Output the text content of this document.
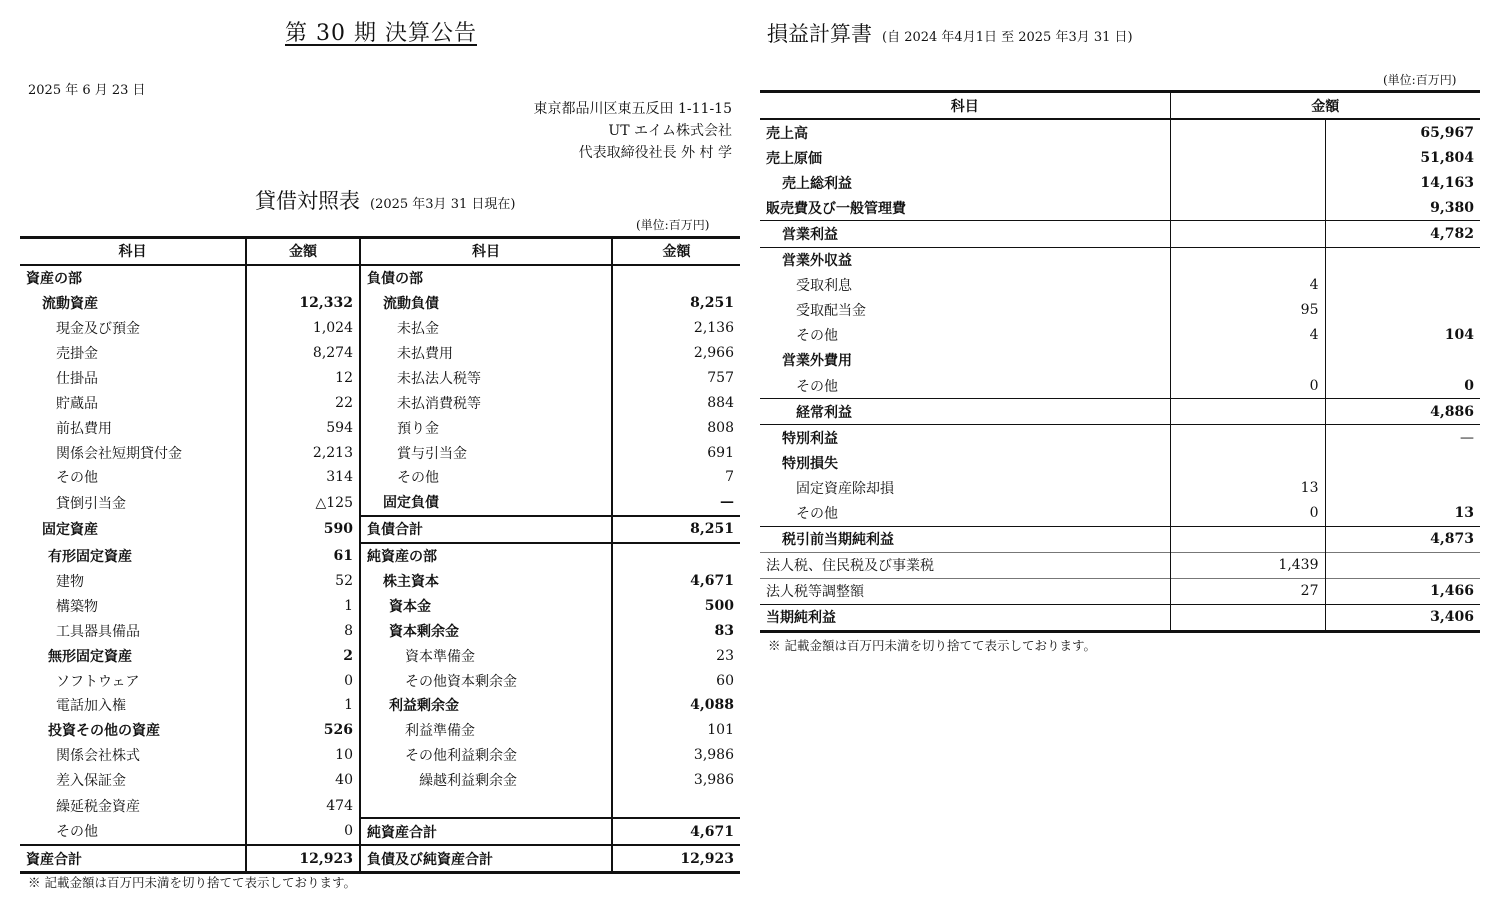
第 30 期 決算公告
2025 年 6 月 23 日
東京都品川区東五反田 1-11-15
UT エイム株式会社
代表取締役社長 外 村 学
貸借対照表 (2025 年3月 31 日現在)
(単位:百万円)
科目	金額	科目	金額
資産の部		負債の部	
流動資産	12,332	流動負債	8,251
現金及び預金	1,024	未払金	2,136
売掛金	8,274	未払費用	2,966
仕掛品	12	未払法人税等	757
貯蔵品	22	未払消費税等	884
前払費用	594	預り金	808
関係会社短期貸付金	2,213	賞与引当金	691
その他	314	その他	7
貸倒引当金	△125	固定負債	—
固定資産	590	負債合計	8,251
有形固定資産	61	純資産の部	
建物	52	株主資本	4,671
構築物	1	資本金	500
工具器具備品	8	資本剰余金	83
無形固定資産	2	資本準備金	23
ソフトウェア	0	その他資本剰余金	60
電話加入権	1	利益剰余金	4,088
投資その他の資産	526	利益準備金	101
関係会社株式	10	その他利益剰余金	3,986
差入保証金	40	繰越利益剰余金	3,986
繰延税金資産	474		
その他	0	純資産合計	4,671
資産合計	12,923	負債及び純資産合計	12,923
※ 記載金額は百万円未満を切り捨てて表示しております。
損益計算書 (自 2024 年4月1日 至 2025 年3月 31 日)
(単位:百万円)
科目	金額	
売上高		65,967
売上原価		51,804
売上総利益		14,163
販売費及び一般管理費		9,380
営業利益		4,782
営業外収益		
受取利息	4	
受取配当金	95	
その他	4	104
営業外費用		
その他	0	0
経常利益		4,886
特別利益		—
特別損失		
固定資産除却損	13	
その他	0	13
税引前当期純利益		4,873
法人税、住民税及び事業税	1,439	
法人税等調整額	27	1,466
当期純利益		3,406
※ 記載金額は百万円未満を切り捨てて表示しております。
